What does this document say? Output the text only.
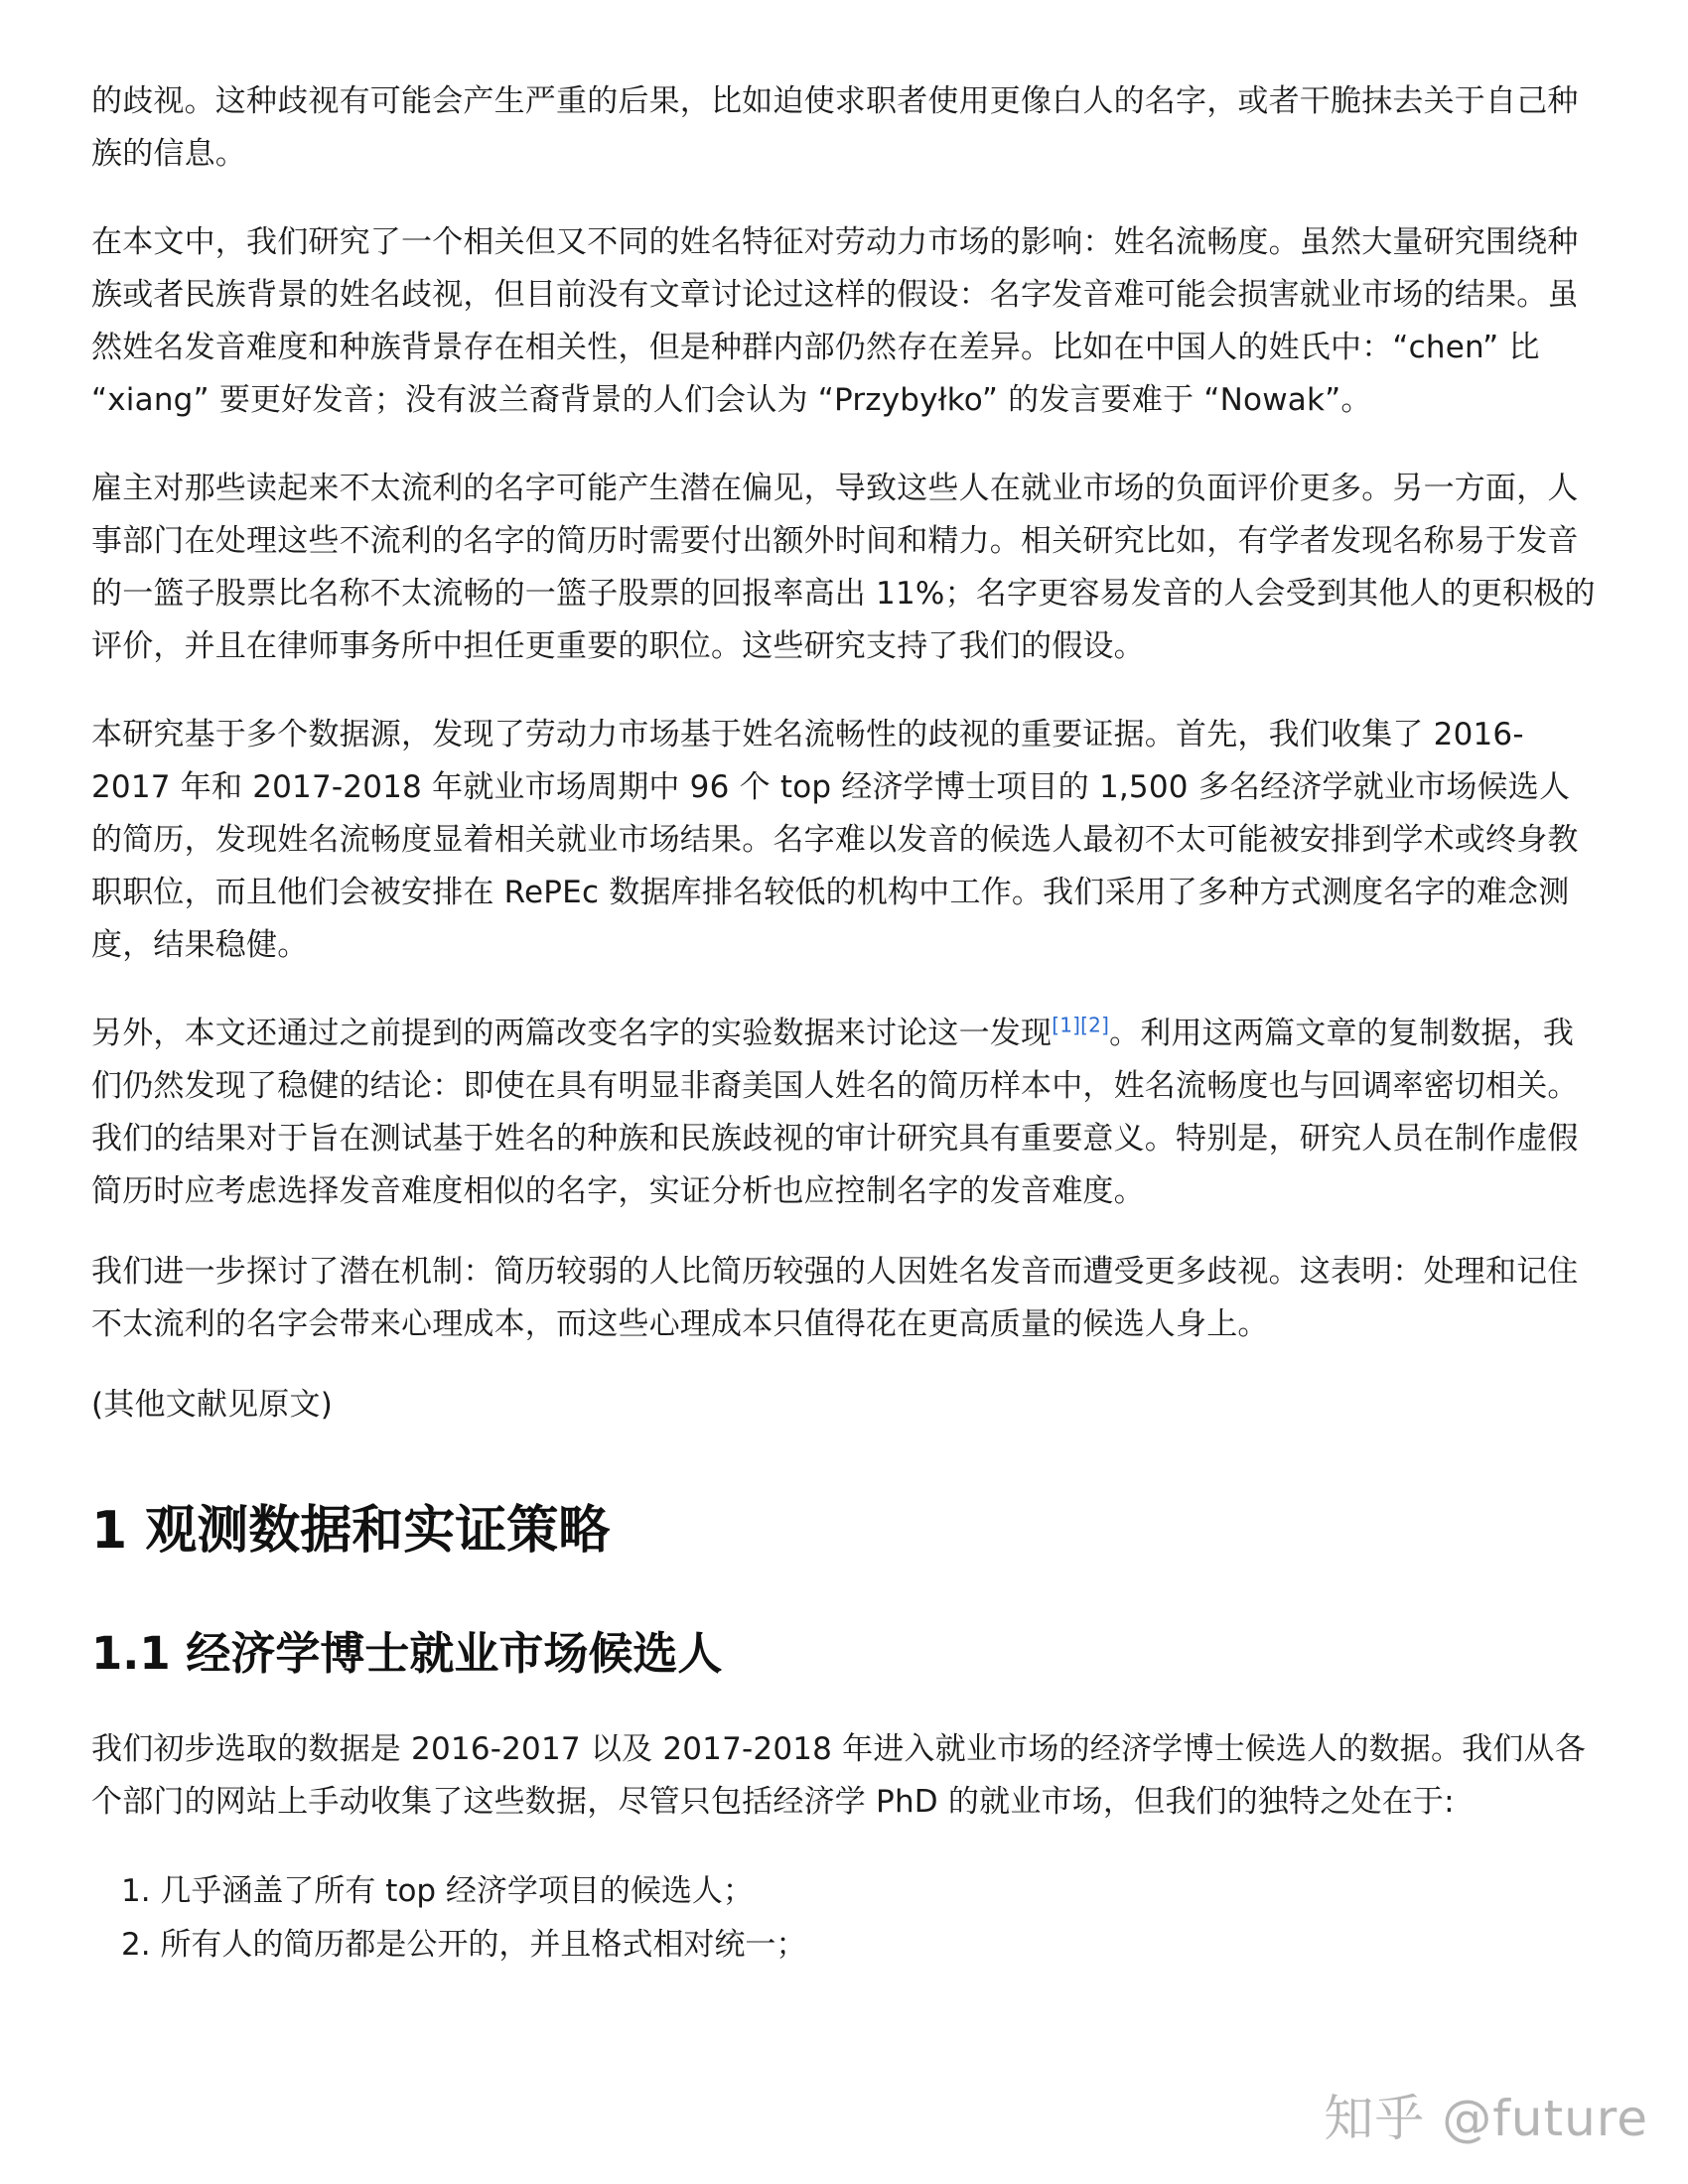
的歧视。这种歧视有可能会产生严重的后果，比如迫使求职者使用更像白人的名字，或者干脆抹去关于自己种族的信息。

在本文中，我们研究了一个相关但又不同的姓名特征对劳动力市场的影响：姓名流畅度。虽然大量研究围绕种族或者民族背景的姓名歧视，但目前没有文章讨论过这样的假设：名字发音难可能会损害就业市场的结果。虽然姓名发音难度和种族背景存在相关性，但是种群内部仍然存在差异。比如在中国人的姓氏中：“chen” 比 “xiang” 要更好发音；没有波兰裔背景的人们会认为 “Przybyłko” 的发言要难于 “Nowak”。

雇主对那些读起来不太流利的名字可能产生潜在偏见，导致这些人在就业市场的负面评价更多。另一方面，人事部门在处理这些不流利的名字的简历时需要付出额外时间和精力。相关研究比如，有学者发现名称易于发音的一篮子股票比名称不太流畅的一篮子股票的回报率高出 11%；名字更容易发音的人会受到其他人的更积极的评价，并且在律师事务所中担任更重要的职位。这些研究支持了我们的假设。

本研究基于多个数据源，发现了劳动力市场基于姓名流畅性的歧视的重要证据。首先，我们收集了 2016-2017 年和 2017-2018 年就业市场周期中 96 个 top 经济学博士项目的 1,500 多名经济学就业市场候选人的简历，发现姓名流畅度显着相关就业市场结果。名字难以发音的候选人最初不太可能被安排到学术或终身教职职位，而且他们会被安排在 RePEc 数据库排名较低的机构中工作。我们采用了多种方式测度名字的难念测度，结果稳健。

另外，本文还通过之前提到的两篇改变名字的实验数据来讨论这一发现[1][2]。利用这两篇文章的复制数据，我们仍然发现了稳健的结论：即使在具有明显非裔美国人姓名的简历样本中，姓名流畅度也与回调率密切相关。我们的结果对于旨在测试基于姓名的种族和民族歧视的审计研究具有重要意义。特别是，研究人员在制作虚假简历时应考虑选择发音难度相似的名字，实证分析也应控制名字的发音难度。

我们进一步探讨了潜在机制：简历较弱的人比简历较强的人因姓名发音而遭受更多歧视。这表明：处理和记住不太流利的名字会带来心理成本，而这些心理成本只值得花在更高质量的候选人身上。

(其他文献见原文)

1 观测数据和实证策略
1.1 经济学博士就业市场候选人

我们初步选取的数据是 2016-2017 以及 2017-2018 年进入就业市场的经济学博士候选人的数据。我们从各个部门的网站上手动收集了这些数据，尽管只包括经济学 PhD 的就业市场，但我们的独特之处在于:

1. 几乎涵盖了所有 top 经济学项目的候选人；
2. 所有人的简历都是公开的，并且格式相对统一；
知乎 @future
